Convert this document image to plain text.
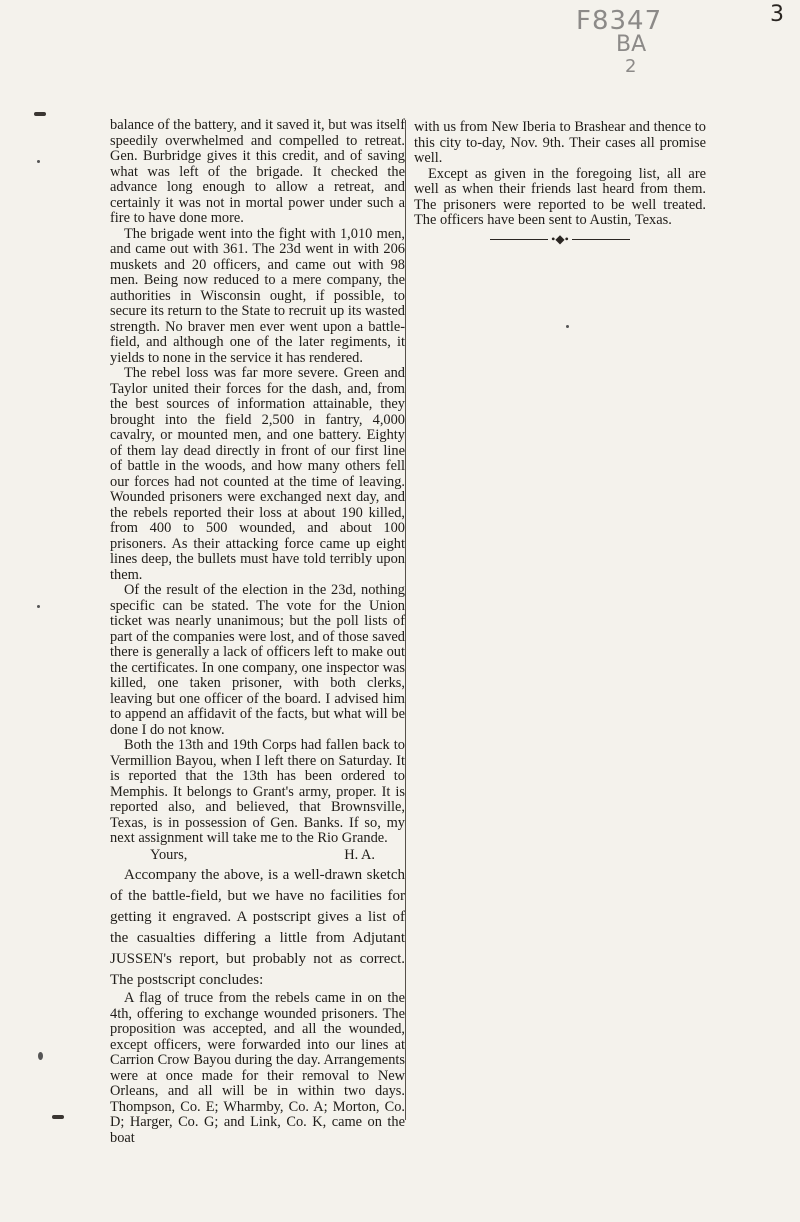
F8347
BA
2
3

balance of the battery, and it saved it, but was itself speedily overwhelmed and compelled to retreat. Gen. Burbridge gives it this credit, and of saving what was left of the brigade. It checked the advance long enough to allow a retreat, and certainly it was not in mortal power under such a fire to have done more.

The brigade went into the fight with 1,010 men, and came out with 361. The 23d went in with 206 muskets and 20 officers, and came out with 98 men. Being now reduced to a mere company, the authorities in Wisconsin ought, if possible, to secure its return to the State to recruit up its wasted strength. No braver men ever went upon a battle-field, and although one of the later regiments, it yields to none in the service it has rendered.

The rebel loss was far more severe. Green and Taylor united their forces for the dash, and, from the best sources of information attainable, they brought into the field 2,500 in fantry, 4,000 cavalry, or mounted men, and one battery. Eighty of them lay dead directly in front of our first line of battle in the woods, and how many others fell our forces had not counted at the time of leaving. Wounded prisoners were exchanged next day, and the rebels reported their loss at about 190 killed, from 400 to 500 wounded, and about 100 prisoners. As their attacking force came up eight lines deep, the bullets must have told terribly upon them.

Of the result of the election in the 23d, nothing specific can be stated. The vote for the Union ticket was nearly unanimous; but the poll lists of part of the companies were lost, and of those saved there is generally a lack of officers left to make out the certificates. In one company, one inspector was killed, one taken prisoner, with both clerks, leaving but one officer of the board. I advised him to append an affidavit of the facts, but what will be done I do not know.

Both the 13th and 19th Corps had fallen back to Vermillion Bayou, when I left there on Saturday. It is reported that the 13th has been ordered to Memphis. It belongs to Grant's army, proper. It is reported also, and believed, that Brownsville, Texas, is in possession of Gen. Banks. If so, my next assignment will take me to the Rio Grande.

Yours,	H. A.

Accompany the above, is a well-drawn sketch of the battle-field, but we have no facilities for getting it engraved. A postscript gives a list of the casualties differing a little from Adjutant JUSSEN's report, but probably not as correct. The postscript concludes:

A flag of truce from the rebels came in on the 4th, offering to exchange wounded prisoners. The proposition was accepted, and all the wounded, except officers, were forwarded into our lines at Carrion Crow Bayou during the day. Arrangements were at once made for their removal to New Orleans, and all will be in within two days. Thompson, Co. E; Wharmby, Co. A; Morton, Co. D; Harger, Co. G; and Link, Co. K, came on the boat

with us from New Iberia to Brashear and thence to this city to-day, Nov. 9th. Their cases all promise well.

Except as given in the foregoing list, all are well as when their friends last heard from them. The prisoners were reported to be well treated. The officers have been sent to Austin, Texas.

•◆•
